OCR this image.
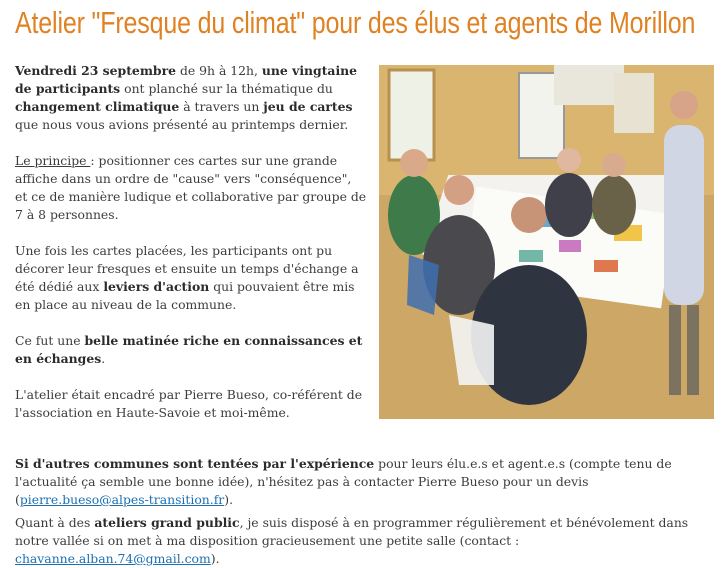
Atelier "Fresque du climat" pour des élus et agents de Morillon

Vendredi 23 septembre de 9h à 12h, une vingtaine de participants ont planché sur la thématique du changement climatique à travers un jeu de cartes que nous vous avions présenté au printemps dernier.

Le principe : positionner ces cartes sur une grande affiche dans un ordre de "cause" vers "conséquence", et ce de manière ludique et collaborative par groupe de 7 à 8 personnes.

Une fois les cartes placées, les participants ont pu décorer leur fresques et ensuite un temps d'échange a été dédié aux leviers d'action qui pouvaient être mis en place au niveau de la commune.

Ce fut une belle matinée riche en connaissances et en échanges.

L'atelier était encadré par Pierre Bueso, co-référent de l'association en Haute-Savoie et moi-même.

Si d'autres communes sont tentées par l'expérience pour leurs élu.e.s et agent.e.s (compte tenu de l'actualité ça semble une bonne idée), n'hésitez pas à contacter Pierre Bueso pour un devis (pierre.bueso@alpes-transition.fr).

Quant à des ateliers grand public, je suis disposé à en programmer régulièrement et bénévolement dans notre vallée si on met à ma disposition gracieusement une petite salle (contact : chavanne.alban.74@gmail.com).
